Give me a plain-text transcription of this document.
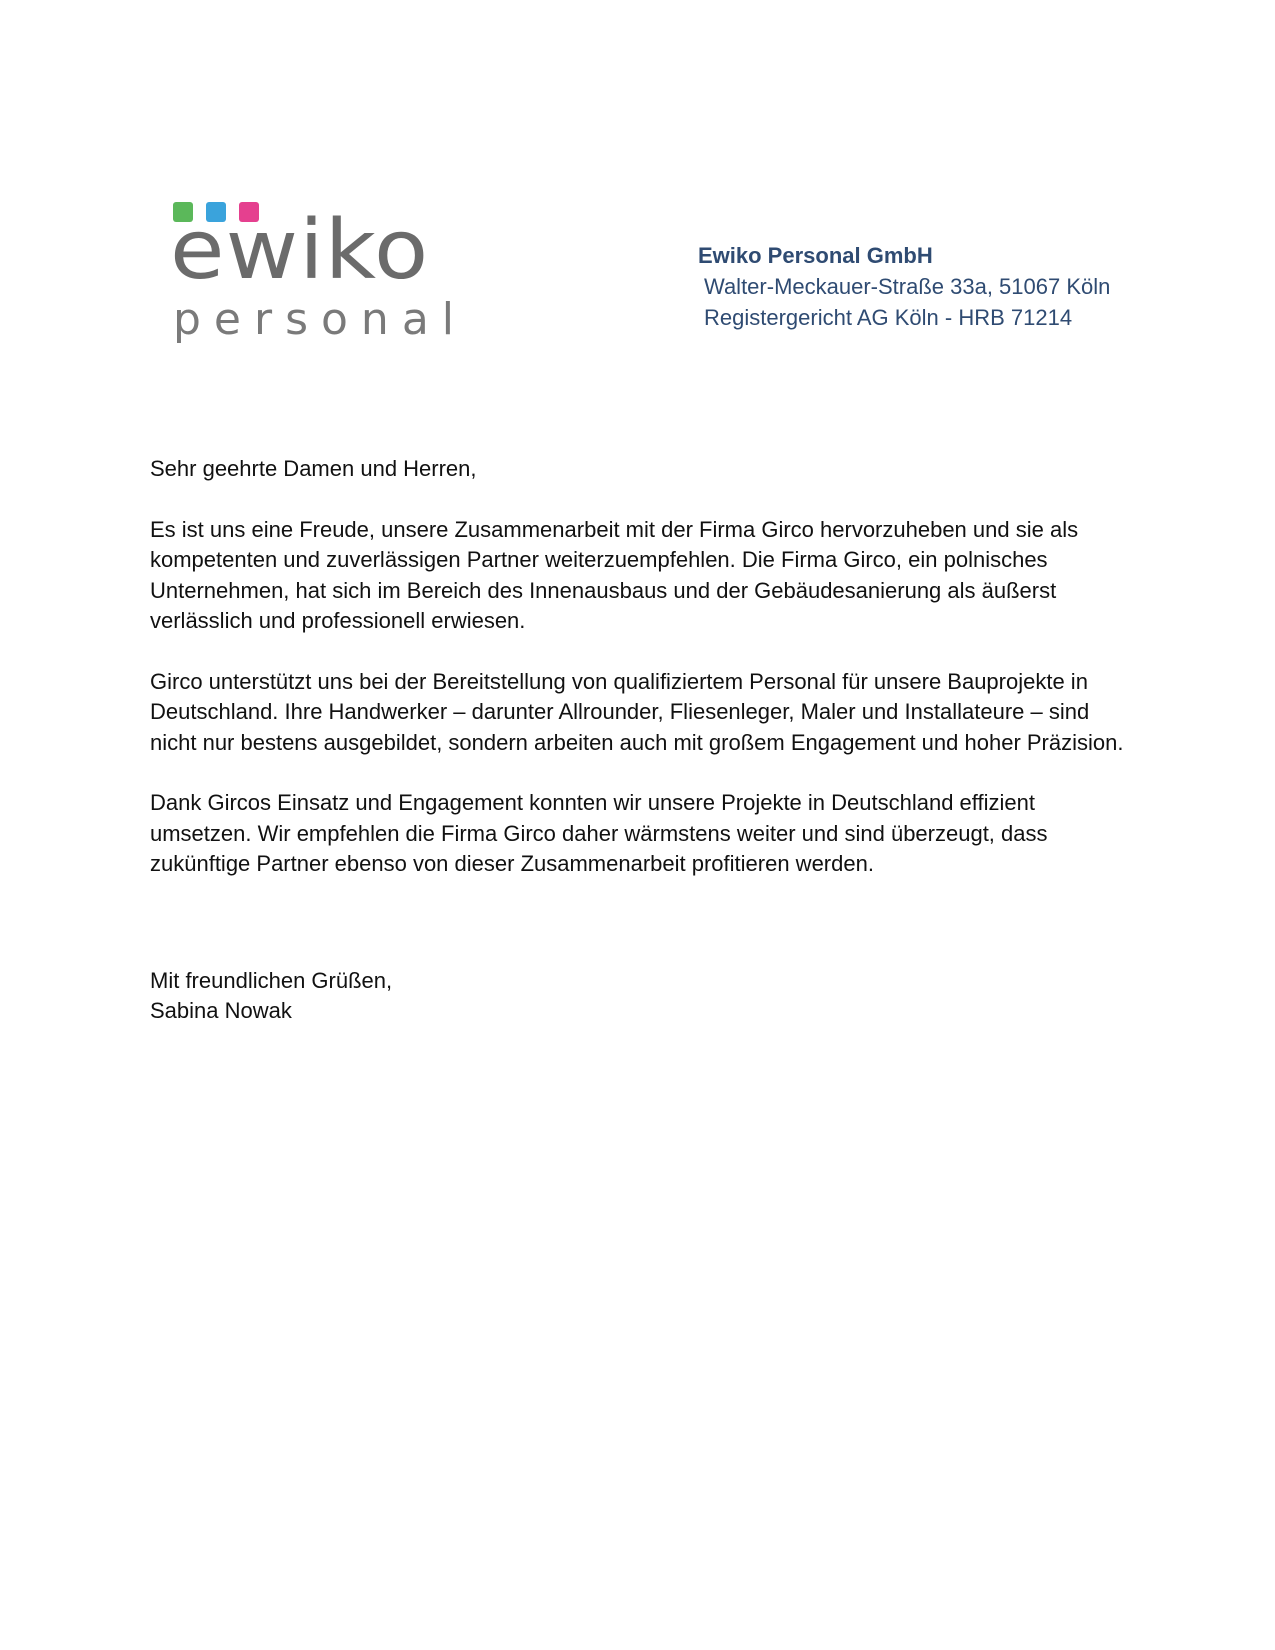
ewiko
personal
Ewiko Personal GmbH
Walter-Meckauer-Straße 33a, 51067 Köln
Registergericht AG Köln - HRB 71214

Sehr geehrte Damen und Herren,

Es ist uns eine Freude, unsere Zusammenarbeit mit der Firma Girco hervorzuheben und sie als kompetenten und zuverlässigen Partner weiterzuempfehlen. Die Firma Girco, ein polnisches Unternehmen, hat sich im Bereich des Innenausbaus und der Gebäudesanierung als äußerst verlässlich und professionell erwiesen.

Girco unterstützt uns bei der Bereitstellung von qualifiziertem Personal für unsere Bauprojekte in Deutschland. Ihre Handwerker – darunter Allrounder, Fliesenleger, Maler und Installateure – sind nicht nur bestens ausgebildet, sondern arbeiten auch mit großem Engagement und hoher Präzision.

Dank Gircos Einsatz und Engagement konnten wir unsere Projekte in Deutschland effizient umsetzen. Wir empfehlen die Firma Girco daher wärmstens weiter und sind überzeugt, dass zukünftige Partner ebenso von dieser Zusammenarbeit profitieren werden.

Mit freundlichen Grüßen,
Sabina Nowak
